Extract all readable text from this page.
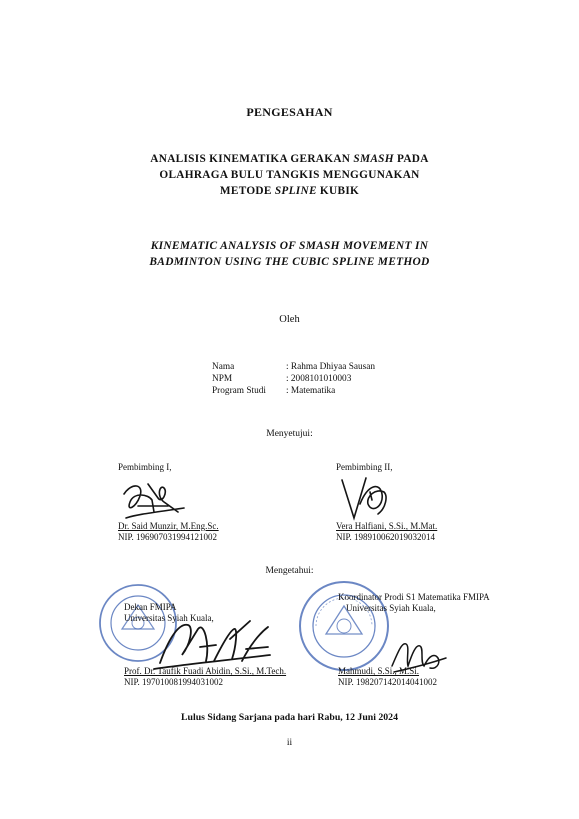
PENGESAHAN
ANALISIS KINEMATIKA GERAKAN SMASH PADA
OLAHRAGA BULU TANGKIS MENGGUNAKAN
METODE SPLINE KUBIK
KINEMATIC ANALYSIS OF SMASH MOVEMENT IN
BADMINTON USING THE CUBIC SPLINE METHOD
Oleh
Nama	: Rahma Dhiyaa Sausan
NPM	: 2008101010003
Program Studi	: Matematika
Menyetujui:
Pembimbing I,
Dr. Said Munzir, M.Eng.Sc.
NIP. 196907031994121002
Pembimbing II,
Vera Halfiani, S.Si., M.Mat.
NIP. 198910062019032014
Mengetahui:
Dekan FMIPA
Universitas Syiah Kuala,
Prof. Dr. Taufik Fuadi Abidin, S.Si., M.Tech.
NIP. 197010081994031002
Koordinator Prodi S1 Matematika FMIPA
Universitas Syiah Kuala,
Mahmudi, S.Si., M.Si.
NIP. 198207142014041002
Lulus Sidang Sarjana pada hari Rabu, 12 Juni 2024
ii
